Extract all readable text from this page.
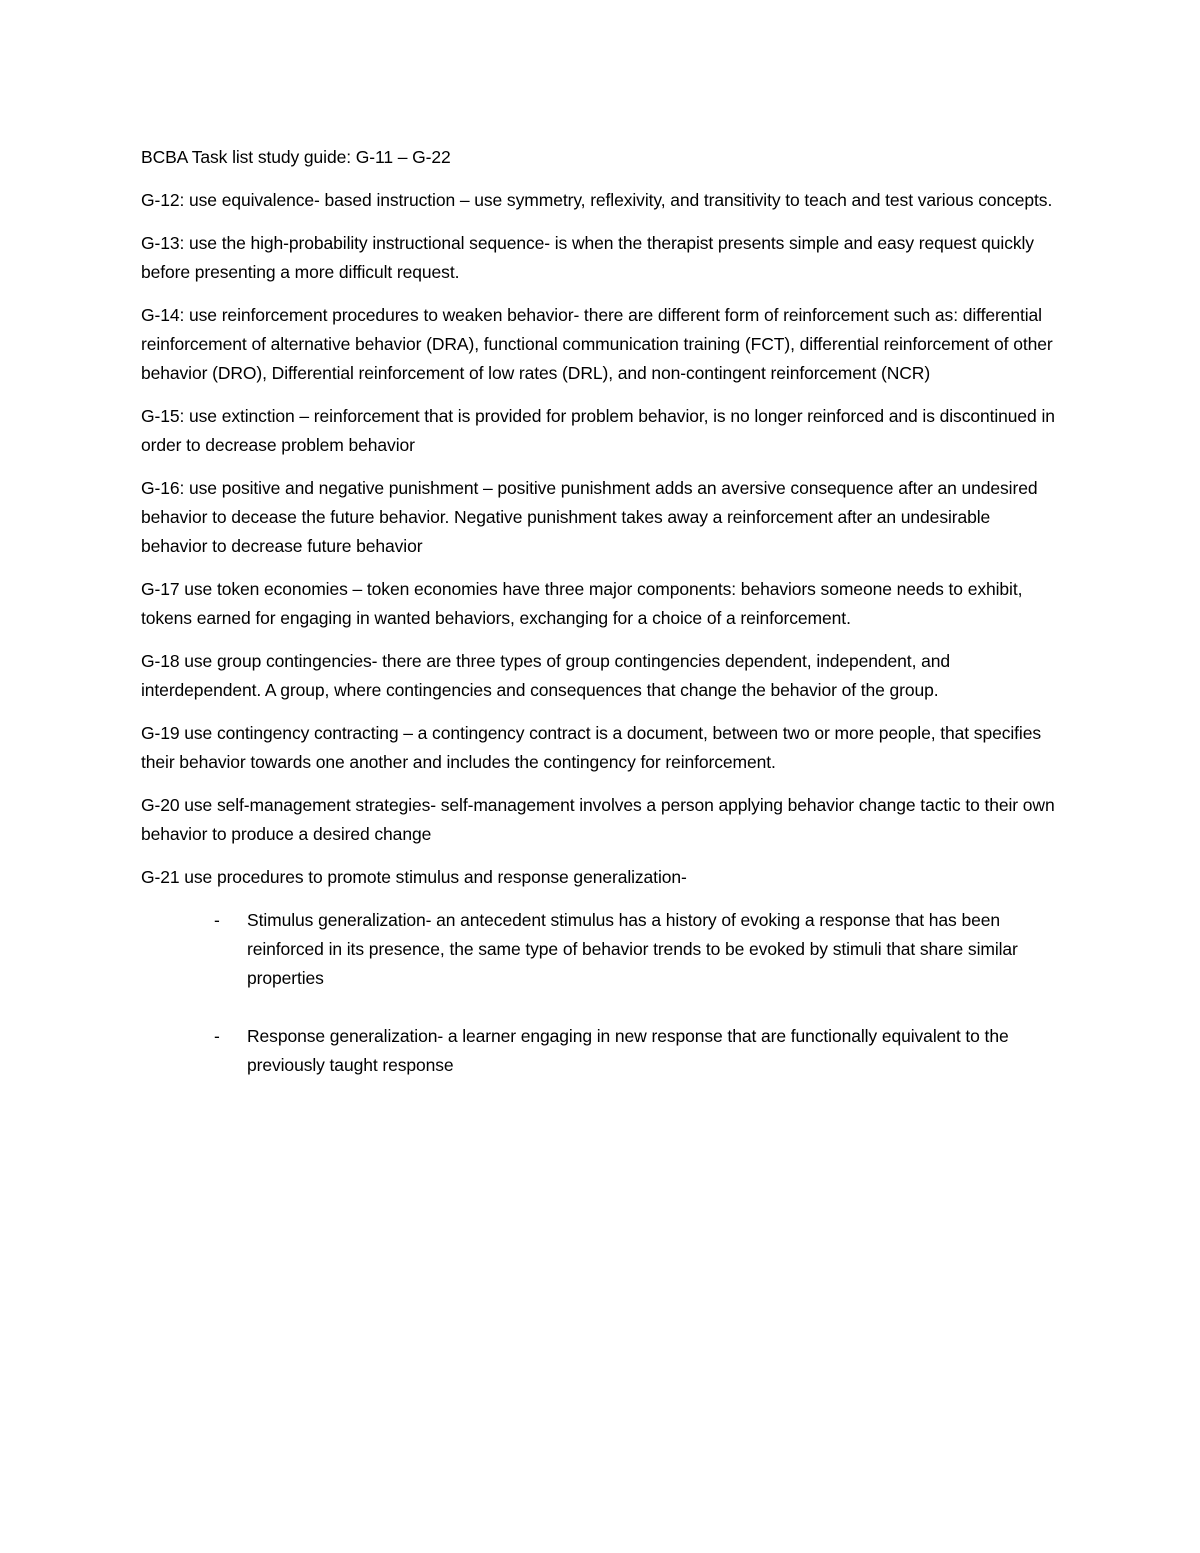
BCBA Task list study guide: G-11 – G-22

G-12: use equivalence- based instruction – use symmetry, reflexivity, and transitivity to teach and test various concepts.

G-13: use the high-probability instructional sequence- is when the therapist presents simple and easy request quickly before presenting a more difficult request.

G-14: use reinforcement procedures to weaken behavior- there are different form of reinforcement such as: differential reinforcement of alternative behavior (DRA), functional communication training (FCT), differential reinforcement of other behavior (DRO), Differential reinforcement of low rates (DRL), and non-contingent reinforcement (NCR)

G-15: use extinction – reinforcement that is provided for problem behavior, is no longer reinforced and is discontinued in order to decrease problem behavior

G-16: use positive and negative punishment – positive punishment adds an aversive consequence after an undesired behavior to decease the future behavior. Negative punishment takes away a reinforcement after an undesirable behavior to decrease future behavior

G-17 use token economies – token economies have three major components: behaviors someone needs to exhibit, tokens earned for engaging in wanted behaviors, exchanging for a choice of a reinforcement.

G-18 use group contingencies- there are three types of group contingencies dependent, independent, and interdependent. A group, where contingencies and consequences that change the behavior of the group.

G-19 use contingency contracting – a contingency contract is a document, between two or more people, that specifies their behavior towards one another and includes the contingency for reinforcement.

G-20 use self-management strategies- self-management involves a person applying behavior change tactic to their own behavior to produce a desired change

G-21 use procedures to promote stimulus and response generalization-

- Stimulus generalization- an antecedent stimulus has a history of evoking a response that has been reinforced in its presence, the same type of behavior trends to be evoked by stimuli that share similar properties
- Response generalization- a learner engaging in new response that are functionally equivalent to the previously taught response
